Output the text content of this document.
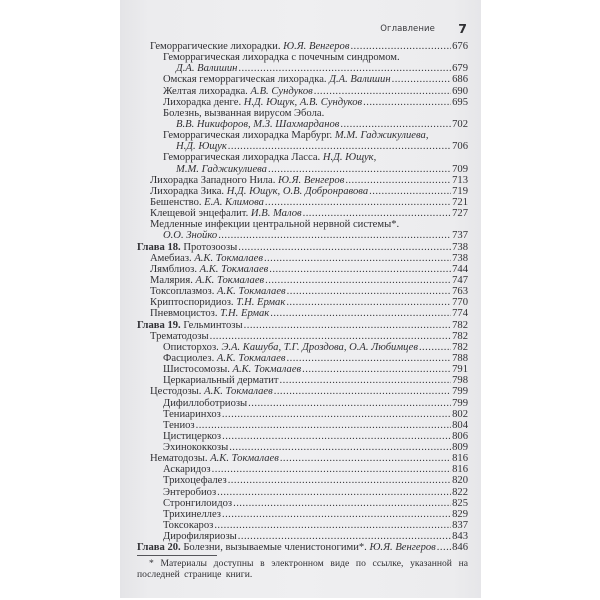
Оглавление 7
Геморрагические лихорадки. Ю.Я. Венгеров . . .	676
Геморрагическая лихорадка с почечным синдромом.
Д.А. Валишин . . .	679
Омская геморрагическая лихорадка. Д.А. Валишин . . .	686
Желтая лихорадка. А.В. Сундуков . . .	690
Лихорадка денге. Н.Д. Ющук, А.В. Сундуков . . .	695
Болезнь, вызванная вирусом Эбола.
В.В. Никифоров, М.З. Шахмарданов . . .	702
Геморрагическая лихорадка Марбург. М.М. Гаджикулиева,
Н.Д. Ющук . . .	706
Геморрагическая лихорадка Ласса. Н.Д. Ющук,
М.М. Гаджикулиева . . .	709
Лихорадка Западного Нила. Ю.Я. Венгеров . . .	713
Лихорадка Зика. Н.Д. Ющук, О.В. Добронравова . . .	719
Бешенство. Е.А. Климова . . .	721
Клещевой энцефалит. И.В. Малов . . .	727
Медленные инфекции центральной нервной системы*.
О.О. Знойко . . .	737
Глава 18. Протозоозы . . .	738
Амебиаз. А.К. Токмалаев . . .	738
Лямблиоз. А.К. Токмалаев . . .	744
Малярия. А.К. Токмалаев . . .	747
Токсоплазмоз. А.К. Токмалаев . . .	763
Криптоспоридиоз. Т.Н. Ермак . . .	770
Пневмоцистоз. Т.Н. Ермак . . .	774
Глава 19. Гельминтозы . . .	782
Трематодозы . . .	782
Описторхоз. Э.А. Кашуба, Т.Г. Дроздова, О.А. Любимцев . . .	782
Фасциолез. А.К. Токмалаев . . .	788
Шистосомозы. А.К. Токмалаев . . .	791
Церкариальный дерматит . . .	798
Цестодозы. А.К. Токмалаев . . .	799
Дифиллоботриозы . . .	799
Тениаринхоз . . .	802
Тениоз . . .	804
Цистицеркоз . . .	806
Эхинококкозы . . .	809
Нематодозы. А.К. Токмалаев . . .	816
Аскаридоз . . .	816
Трихоцефалез . . .	820
Энтеробиоз . . .	822
Стронгилоидоз . . .	825
Трихинеллез . . .	829
Токсокароз . . .	837
Дирофиляриозы . . .	843
Глава 20. Болезни, вызываемые членистоногими*. Ю.Я. Венгеров . . . 846
* Материалы доступны в электронном виде по ссылке, указанной на последней странице книги.
